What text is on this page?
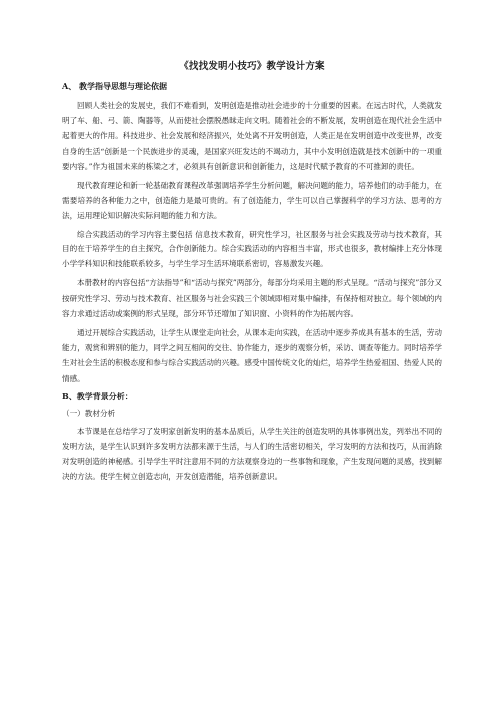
《找找发明小技巧》教学设计方案
A、 教学指导思想与理论依据

回顾人类社会的发展史，我们不难看到，发明创造是推动社会进步的十分重要的因素。在远古时代，人类就发明了车、船、弓、箭、陶器等，从而使社会摆脱愚昧走向文明。随着社会的不断发展，发明创造在现代社会生活中起着更大的作用。科技进步、社会发展和经济振兴，处处离不开发明创造，人类正是在发明创造中改变世界，改变自身的生活“创新是一个民族进步的灵魂，是国家兴旺发达的不竭动力，其中小发明创造就是技术创新中的一项重要内容。”作为祖国未来的栋梁之才，必须具有创新意识和创新能力，这是时代赋予教育的不可推卸的责任。

现代教育理论和新一轮基础教育课程改革强调培养学生分析问题，解决问题的能力，培养他们的动手能力，在需要培养的各种能力之中，创造能力是最可贵的。有了创造能力，学生可以自己掌握科学的学习方法、思考的方法，运用理论知识解决实际问题的能力和方法。

综合实践活动的学习内容主要包括 信息技术教育，研究性学习，社区服务与社会实践及劳动与技术教育，其目的在于培养学生的自主探究，合作创新能力。综合实践活动的内容相当丰富，形式也很多，教材编排上充分体现小学学科知识和技能联系较多，与学生学习生活环境联系密切，容易激发兴趣。

本册教材的内容包括“方法指导”和“活动与探究”两部分，每部分均采用主题的形式呈现。“活动与探究”部分又按研究性学习、劳动与技术教育、社区服务与社会实践三个领域即相对集中编排，有保持相对独立。每个领域的内容力求通过活动或案例的形式呈现，部分环节还增加了知识窗、小资料的作为拓展内容。

通过开展综合实践活动，让学生从课堂走向社会，从课本走向实践，在活动中逐步养成具有基本的生活，劳动能力，观赏和辨别的能力，同学之间互相间的交往、协作能力，逐步的观察分析，采访、调查等能力。同时培养学生对社会生活的积极态度和参与综合实践活动的兴趣。感受中国传统文化的灿烂，培养学生热爱祖国、热爱人民的情感。

B、教学背景分析：
（一）教材分析

本节课是在总结学习了发明家创新发明的基本品质后，从学生关注的创造发明的具体事例出发，列举出不同的发明方法，是学生认识到许多发明方法都来源于生活，与人们的生活密切相关，学习发明的方法和技巧，从而消除对发明创造的神秘感。引导学生平时注意用不同的方法观察身边的一些事物和现象，产生发现问题的灵感，找到解决的方法。使学生树立创造志向，开发创造潜能，培养创新意识。
